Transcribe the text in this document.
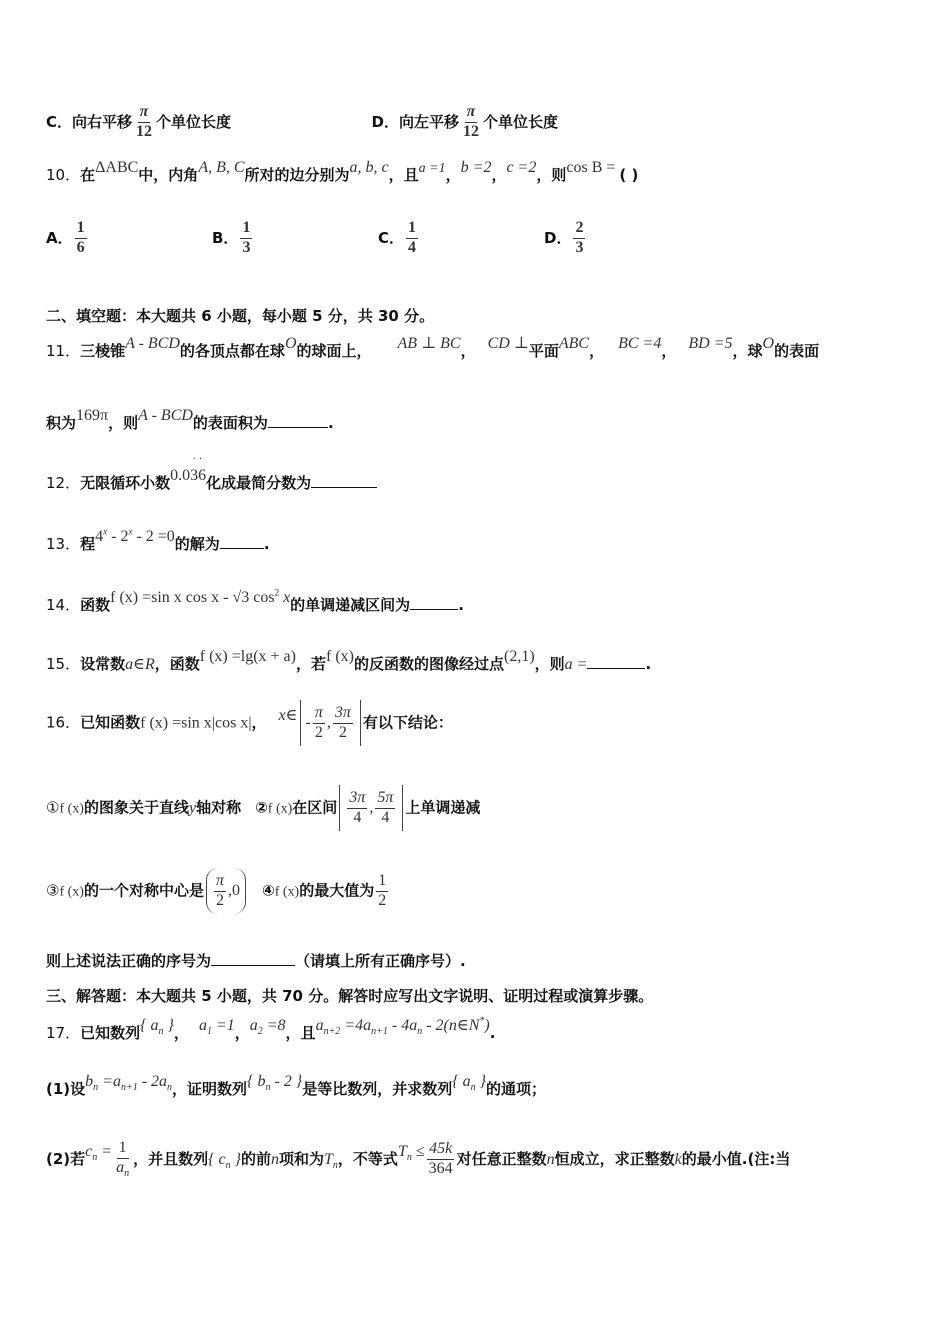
C．向右平移 $\frac{\pi}{12}$ 个单位长度	D．向左平移 $\frac{\pi}{12}$ 个单位长度
10．在ΔABC中，内角A, B, C所对的边分别为a, b, c，且a =1，b =2，c =2，则cos B = ( )
A． $\frac{1}{6}$	B． $\frac{1}{3}$	C． $\frac{1}{4}$	D． $\frac{2}{3}$
二、填空题：本大题共 6 小题，每小题 5 分，共 30 分。
11．三棱锥A - BCD的各顶点都在球O的球面上， AB ⊥ BC， CD ⊥平面ABC， BC =4， BD =5，球O的表面
积为169π，则A - BCD的表面积为	.
12．无限循环小数
· ·
0.036化成最简分数为
13．程4$^x$ - 2$^x$ - 2 =0的解为	.
14．函数f (x) =sin x cos x - √3 $\cos^2 x$的单调递减区间为	.
15．设常数a∈R，函数f (x) =lg(x + a)，若f (x)的反函数的图像经过点(2,1)，则a =	.
16．已知函数f (x) =sin x|cos x|， x∈ - $\frac{\pi}{2}$ , $\frac{3\pi}{2}$ 有以下结论：
①f (x)的图象关于直线y轴对称 ②f (x)在区间 $\frac{3\pi}{4}$ , $\frac{5\pi}{4}$ 上单调递减
③f (x)的一个对称中心是 $\frac{\pi}{2}$ , 0 ④f (x)的最大值为 $\frac{1}{2}$
则上述说法正确的序号为	（请填上所有正确序号）.
三、解答题：本大题共 5 小题，共 70 分。解答时应写出文字说明、证明过程或演算步骤。
17．已知数列{ $a_n$ }， $a_1 =1$，$a_2 =8$，且$a_{n+2} =4a_{n+1} - 4a_n$ - 2(n∈N*).
(1)设$b_n =a_{n+1} - 2a_n$，证明数列{ $b_n - 2$ }是等比数列，并求数列{ $a_n$ }的通项；
(2)若$c_n = \frac{1}{a_n}$ ，并且数列{ $c_n$ }的前n项和为$T_n$，不等式$T_n \le \frac{45k}{364}$ 对任意正整数n恒成立，求正整数k的最小值.(注:当
